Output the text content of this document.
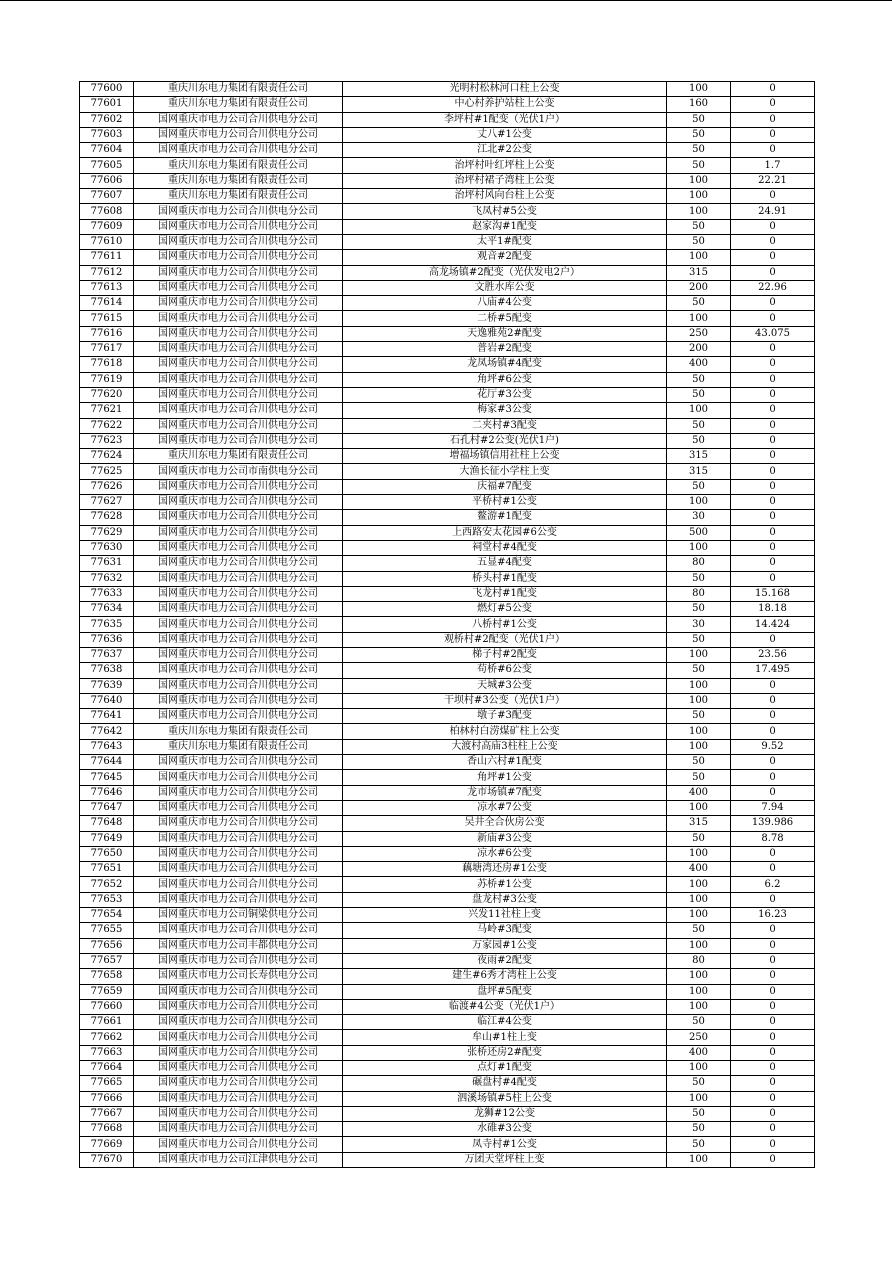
77600	重庆川东电力集团有限责任公司	光明村松林河口柱上公变	100	0
77601	重庆川东电力集团有限责任公司	中心村养护站柱上公变	160	0
77602	国网重庆市电力公司合川供电分公司	李坪村#1配变（光伏1户）	50	0
77603	国网重庆市电力公司合川供电分公司	丈八#1公变	50	0
77604	国网重庆市电力公司合川供电分公司	江北#2公变	50	0
77605	重庆川东电力集团有限责任公司	治坪村叶红坪柱上公变	50	1.7
77606	重庆川东电力集团有限责任公司	治坪村裙子湾柱上公变	100	22.21
77607	重庆川东电力集团有限责任公司	治坪村风向台柱上公变	100	0
77608	国网重庆市电力公司合川供电分公司	飞凤村#5公变	100	24.91
77609	国网重庆市电力公司合川供电分公司	赵家沟#1配变	50	0
77610	国网重庆市电力公司合川供电分公司	太平1#配变	50	0
77611	国网重庆市电力公司合川供电分公司	观音#2配变	100	0
77612	国网重庆市电力公司合川供电分公司	高龙场镇#2配变（光伏发电2户）	315	0
77613	国网重庆市电力公司合川供电分公司	文胜水库公变	200	22.96
77614	国网重庆市电力公司合川供电分公司	八庙#4公变	50	0
77615	国网重庆市电力公司合川供电分公司	二桥#5配变	100	0
77616	国网重庆市电力公司合川供电分公司	天逸雅苑2#配变	250	43.075
77617	国网重庆市电力公司合川供电分公司	普岩#2配变	200	0
77618	国网重庆市电力公司合川供电分公司	龙凤场镇#4配变	400	0
77619	国网重庆市电力公司合川供电分公司	角坪#6公变	50	0
77620	国网重庆市电力公司合川供电分公司	花厅#3公变	50	0
77621	国网重庆市电力公司合川供电分公司	梅家#3公变	100	0
77622	国网重庆市电力公司合川供电分公司	二夹村#3配变	50	0
77623	国网重庆市电力公司合川供电分公司	石孔村#2公变(光伏1户)	50	0
77624	重庆川东电力集团有限责任公司	增福场镇信用社柱上公变	315	0
77625	国网重庆市电力公司市南供电分公司	大渔长征小学柱上变	315	0
77626	国网重庆市电力公司合川供电分公司	庆福#7配变	50	0
77627	国网重庆市电力公司合川供电分公司	平桥村#1公变	100	0
77628	国网重庆市电力公司合川供电分公司	鳌游#1配变	30	0
77629	国网重庆市电力公司合川供电分公司	上西路安太花园#6公变	500	0
77630	国网重庆市电力公司合川供电分公司	祠堂村#4配变	100	0
77631	国网重庆市电力公司合川供电分公司	五显#4配变	80	0
77632	国网重庆市电力公司合川供电分公司	桥头村#1配变	50	0
77633	国网重庆市电力公司合川供电分公司	飞龙村#1配变	80	15.168
77634	国网重庆市电力公司合川供电分公司	燃灯#5公变	50	18.18
77635	国网重庆市电力公司合川供电分公司	八桥村#1公变	30	14.424
77636	国网重庆市电力公司合川供电分公司	观桥村#2配变（光伏1户）	50	0
77637	国网重庆市电力公司合川供电分公司	梯子村#2配变	100	23.56
77638	国网重庆市电力公司合川供电分公司	苟桥#6公变	50	17.495
77639	国网重庆市电力公司合川供电分公司	天城#3公变	100	0
77640	国网重庆市电力公司合川供电分公司	干坝村#3公变（光伏1户）	100	0
77641	国网重庆市电力公司合川供电分公司	墩子#3配变	50	0
77642	重庆川东电力集团有限责任公司	柏林村白涝煤矿柱上公变	100	0
77643	重庆川东电力集团有限责任公司	大渡村高庙3柱柱上公变	100	9.52
77644	国网重庆市电力公司合川供电分公司	香山六村#1配变	50	0
77645	国网重庆市电力公司合川供电分公司	角坪#1公变	50	0
77646	国网重庆市电力公司合川供电分公司	龙市场镇#7配变	400	0
77647	国网重庆市电力公司合川供电分公司	凉水#7公变	100	7.94
77648	国网重庆市电力公司合川供电分公司	吴井全合伙房公变	315	139.986
77649	国网重庆市电力公司合川供电分公司	新庙#3公变	50	8.78
77650	国网重庆市电力公司合川供电分公司	凉水#6公变	100	0
77651	国网重庆市电力公司合川供电分公司	藕塘湾还房#1公变	400	0
77652	国网重庆市电力公司合川供电分公司	苏桥#1公变	100	6.2
77653	国网重庆市电力公司合川供电分公司	盘龙村#3公变	100	0
77654	国网重庆市电力公司铜梁供电分公司	兴发11社柱上变	100	16.23
77655	国网重庆市电力公司合川供电分公司	马岭#3配变	50	0
77656	国网重庆市电力公司丰都供电分公司	万家园#1公变	100	0
77657	国网重庆市电力公司合川供电分公司	夜雨#2配变	80	0
77658	国网重庆市电力公司长寿供电分公司	建生#6秀才湾柱上公变	100	0
77659	国网重庆市电力公司合川供电分公司	盘坪#5配变	100	0
77660	国网重庆市电力公司合川供电分公司	临渡#4公变（光伏1户）	100	0
77661	国网重庆市电力公司合川供电分公司	临江#4公变	50	0
77662	国网重庆市电力公司合川供电分公司	牟山#1柱上变	250	0
77663	国网重庆市电力公司合川供电分公司	张桥还房2#配变	400	0
77664	国网重庆市电力公司合川供电分公司	点灯#1配变	100	0
77665	国网重庆市电力公司合川供电分公司	碾盘村#4配变	50	0
77666	国网重庆市电力公司合川供电分公司	泗溪场镇#5柱上公变	100	0
77667	国网重庆市电力公司合川供电分公司	龙狮#12公变	50	0
77668	国网重庆市电力公司合川供电分公司	水碓#3公变	50	0
77669	国网重庆市电力公司合川供电分公司	凤寺村#1公变	50	0
77670	国网重庆市电力公司江津供电分公司	万团天堂坪柱上变	100	0
